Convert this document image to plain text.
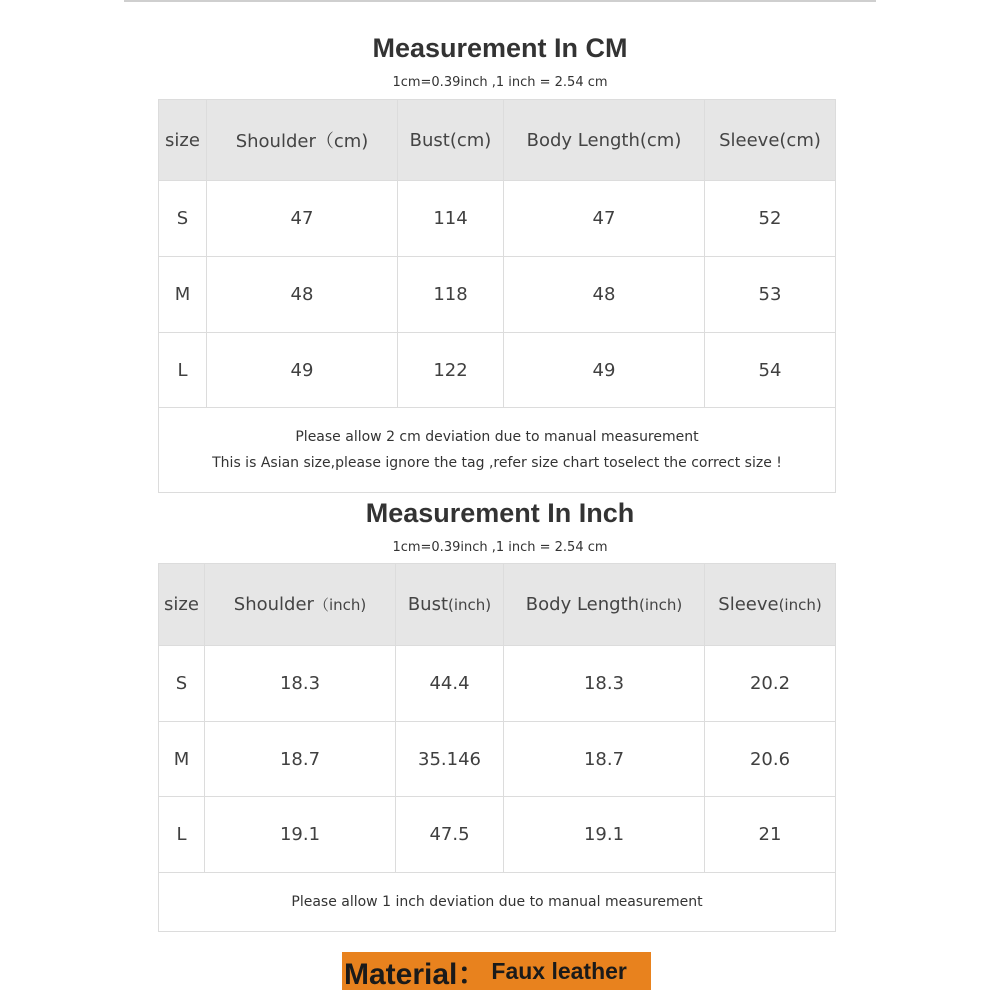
Measurement In CM
1cm=0.39inch ,1 inch = 2.54 cm
size	Shoulder（cm)	Bust(cm)	Body Length(cm)	Sleeve(cm)
S	47	114	47	52
M	48	118	48	53
L	49	122	49	54

Please allow 2 cm deviation due to manual measurement
This is Asian size,please ignore the tag ,refer size chart toselect the correct size !				
Measurement In Inch
1cm=0.39inch ,1 inch = 2.54 cm
size	Shoulder（inch)	Bust(inch)	Body Length(inch)	Sleeve(inch)
S	18.3	44.4	18.3	20.2
M	18.7	35.146	18.7	20.6
L	19.1	47.5	19.1	21
Please allow 1 inch deviation due to manual measurement				
Material： Faux leather
